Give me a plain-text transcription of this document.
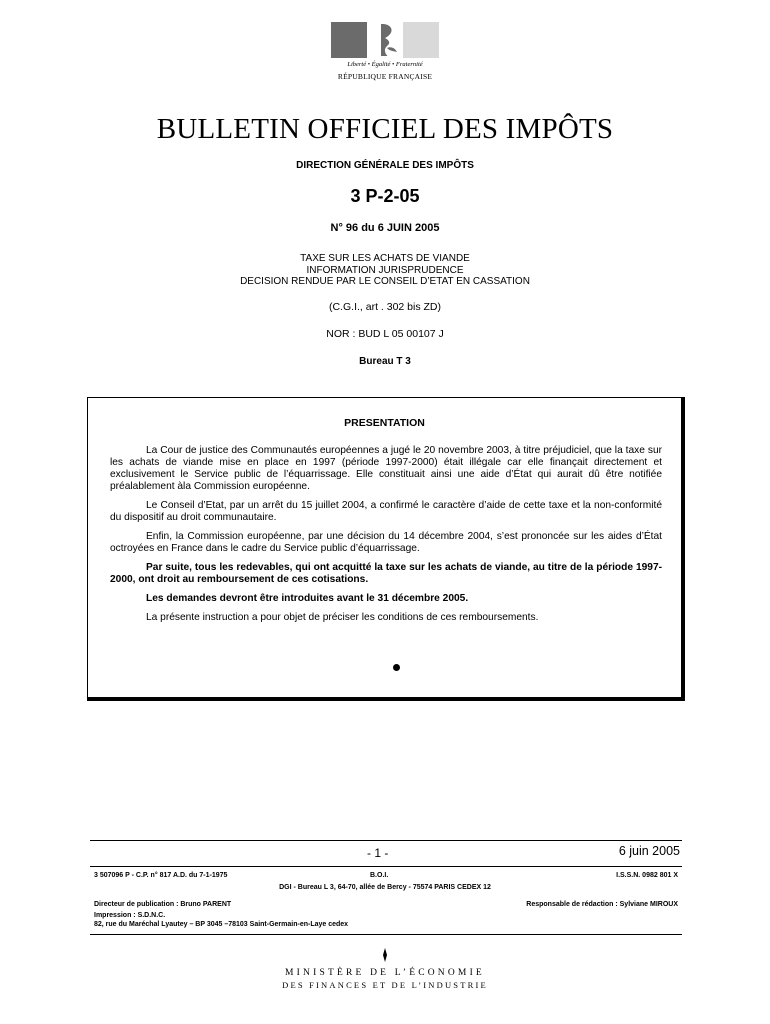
Liberté • Égalité • Fraternité
RÉPUBLIQUE FRANÇAISE
BULLETIN OFFICIEL DES IMPÔTS
DIRECTION GÉNÉRALE DES IMPÔTS
3 P-2-05
N° 96 du 6 JUIN 2005
TAXE SUR LES ACHATS DE VIANDE
INFORMATION JURISPRUDENCE
DECISION RENDUE PAR LE CONSEIL D’ETAT EN CASSATION
(C.G.I., art . 302 bis ZD)
NOR : BUD L 05 00107 J
Bureau T 3
PRESENTATION

La Cour de justice des Communautés européennes a jugé le 20 novembre 2003, à titre préjudiciel, que la taxe sur les achats de viande mise en place en 1997 (période 1997-2000) était illégale car elle finançait directement et exclusivement le Service public de l’équarrissage. Elle constituait ainsi une aide d’État qui aurait dû être notifiée préalablement àla Commission européenne.

Le Conseil d’Etat, par un arrêt du 15 juillet 2004, a confirmé le caractère d’aide de cette taxe et la non-conformité du dispositif au droit communautaire.

Enfin, la Commission européenne, par une décision du 14 décembre 2004, s’est prononcée sur les aides d’État octroyées en France dans le cadre du Service public d’équarrissage.

Par suite, tous les redevables, qui ont acquitté la taxe sur les achats de viande, au titre de la période 1997-2000, ont droit au remboursement de ces cotisations.

Les demandes devront être introduites avant le 31 décembre 2005.

La présente instruction a pour objet de préciser les conditions de ces remboursements.

- 1 -	6 juin 2005
3 507096 P - C.P. n° 817 A.D. du 7-1-1975	B.O.I.	I.S.S.N. 0982 801 X
DGI - Bureau L 3, 64-70, allée de Bercy - 75574 PARIS CEDEX 12
Directeur de publication : Bruno PARENT	Responsable de rédaction : Sylviane MIROUX
Impression : S.D.N.C.
82, rue du Maréchal Lyautey – BP 3045 –78103 Saint-Germain-en-Laye cedex
MINISTÈRE DE L’ÉCONOMIE
DES FINANCES ET DE L’INDUSTRIE
